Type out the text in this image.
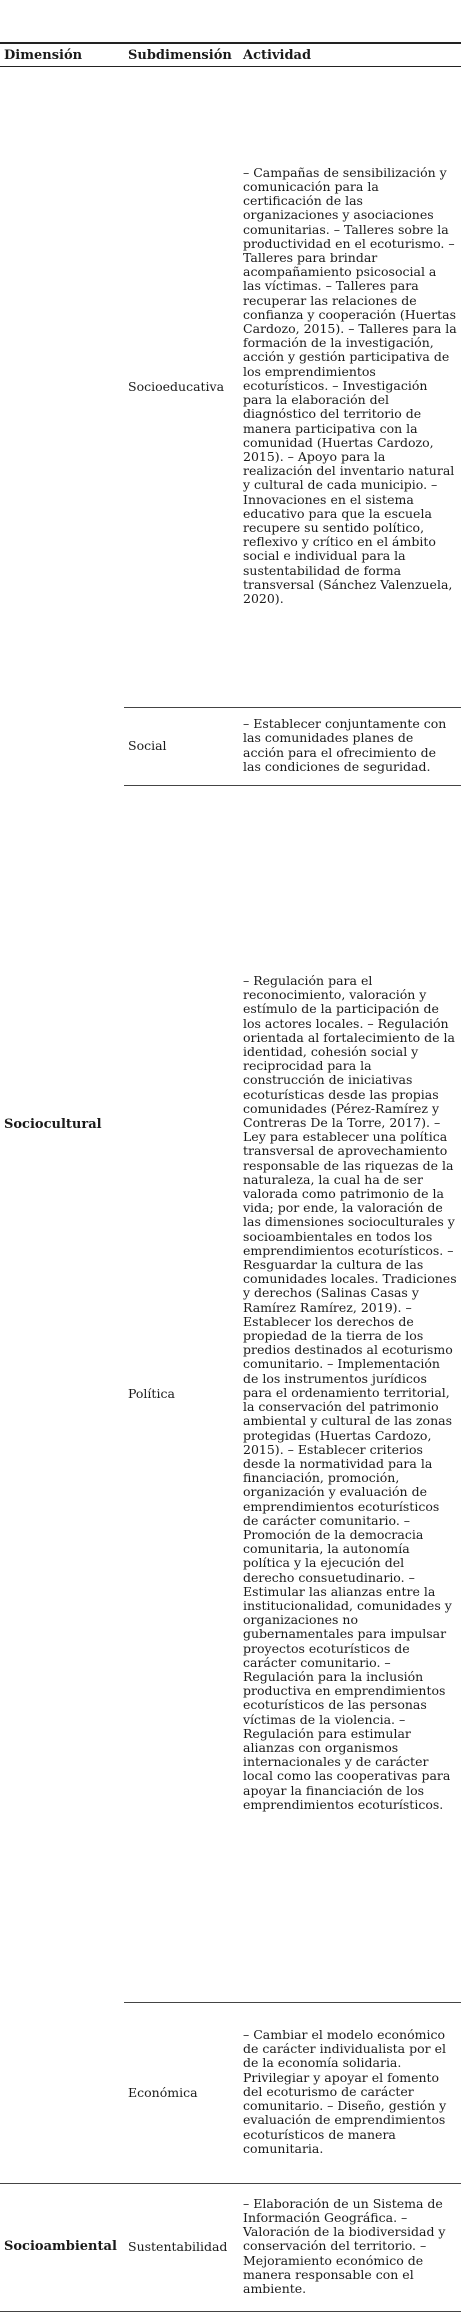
Dimensión	Subdimensión	Actividad
Sociocultural	Socioeducativa	– Campañas de sensibilización y comunicación para la certificación de las organizaciones y asociaciones comunitarias. – Talleres sobre la productividad en el ecoturismo. – Talleres para brindar acompañamiento psicosocial a las víctimas. – Talleres para recuperar las relaciones de confianza y cooperación (Huertas Cardozo, 2015). – Talleres para la formación de la investigación, acción y gestión participativa de los emprendimientos ecoturísticos. – Investigación para la elaboración del diagnóstico del territorio de manera participativa con la comunidad (Huertas Cardozo, 2015). – Apoyo para la realización del inventario natural y cultural de cada municipio. – Innovaciones en el sistema educativo para que la escuela recupere su sentido político, reflexivo y crítico en el ámbito social e individual para la sustentabilidad de forma transversal (Sánchez Valenzuela, 2020).
	Social	– Establecer conjuntamente con las comunidades planes de acción para el ofrecimiento de las condiciones de seguridad.
	Política	– Regulación para el reconocimiento, valoración y estímulo de la participación de los actores locales. – Regulación orientada al fortalecimiento de la identidad, cohesión social y reciprocidad para la construcción de iniciativas ecoturísticas desde las propias comunidades (Pérez-Ramírez y Contreras De la Torre, 2017). – Ley para establecer una política transversal de aprovechamiento responsable de las riquezas de la naturaleza, la cual ha de ser valorada como patrimonio de la vida; por ende, la valoración de las dimensiones socioculturales y socioambientales en todos los emprendimientos ecoturísticos. – Resguardar la cultura de las comunidades locales. Tradiciones y derechos (Salinas Casas y Ramírez Ramírez, 2019). – Establecer los derechos de propiedad de la tierra de los predios destinados al ecoturismo comunitario. – Implementación de los instrumentos jurídicos para el ordenamiento territorial, la conservación del patrimonio ambiental y cultural de las zonas protegidas (Huertas Cardozo, 2015). – Establecer criterios desde la normatividad para la financiación, promoción, organización y evaluación de emprendimientos ecoturísticos de carácter comunitario. – Promoción de la democracia comunitaria, la autonomía política y la ejecución del derecho consuetudinario. – Estimular las alianzas entre la institucionalidad, comunidades y organizaciones no gubernamentales para impulsar proyectos ecoturísticos de carácter comunitario. – Regulación para la inclusión productiva en emprendimientos ecoturísticos de las personas víctimas de la violencia. – Regulación para estimular alianzas con organismos internacionales y de carácter local como las cooperativas para apoyar la financiación de los emprendimientos ecoturísticos.
	Económica	– Cambiar el modelo económico de carácter individualista por el de la economía solidaria. Privilegiar y apoyar el fomento del ecoturismo de carácter comunitario. – Diseño, gestión y evaluación de emprendimientos ecoturísticos de manera comunitaria.
Socioambiental	Sustentabilidad	– Elaboración de un Sistema de Información Geográfica. – Valoración de la biodiversidad y conservación del territorio. – Mejoramiento económico de manera responsable con el ambiente.
